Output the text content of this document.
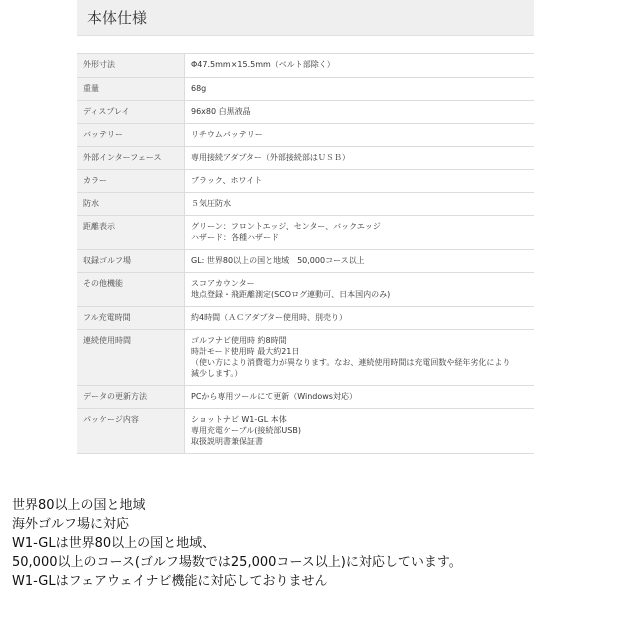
本体仕様
外形寸法	Φ47.5mm×15.5mm（ベルト部除く）

重量	68g

ディスプレイ	96x80 白黒液晶

バッテリー	リチウムバッテリー

外部インターフェース	専用接続アダプター（外部接続部はＵＳＢ）

カラー	ブラック、ホワイト

防水	５気圧防水

距離表示	グリーン：フロントエッジ、センター、バックエッジ
ハザード：各種ハザード

収録ゴルフ場	GL: 世界80以上の国と地域　50,000コース以上

その他機能	スコアカウンター
地点登録・飛距離測定(SCOログ連動可、日本国内のみ)

フル充電時間	約4時間（ＡＣアダプター使用時、別売り）

連続使用時間	ゴルフナビ使用時 約8時間
時計モード使用時 最大約21日
（使い方により消費電力が異なります。なお、連続使用時間は充電回数や経年劣化により
減少します。）

データの更新方法	PCから専用ツールにて更新（Windows対応）

パッケージ内容	ショットナビ W1-GL 本体
専用充電ケーブル(接続部USB)
取扱説明書兼保証書
世界80以上の国と地域
海外ゴルフ場に対応
W1-GLは世界80以上の国と地域、
50,000以上のコース(ゴルフ場数では25,000コース以上)に対応しています。
W1-GLはフェアウェイナビ機能に対応しておりません
